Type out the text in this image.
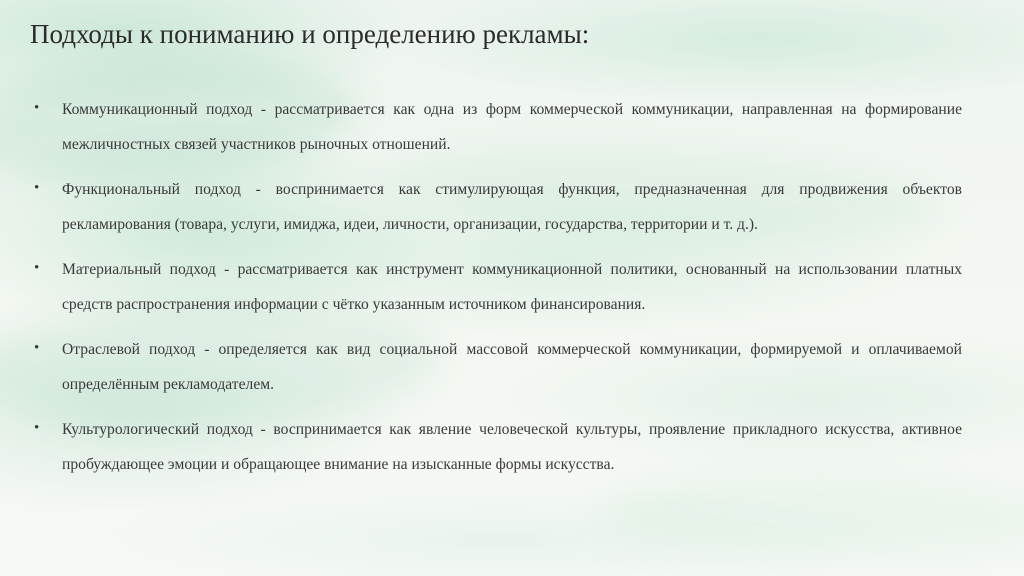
Подходы к пониманию и определению рекламы:
• Коммуникационный подход - рассматривается как одна из форм коммерческой коммуникации, направленная на формирование межличностных связей участников рыночных отношений.
• Функциональный подход - воспринимается как стимулирующая функция, предназначенная для продвижения объектов рекламирования (товара, услуги, имиджа, идеи, личности, организации, государства, территории и т. д.).
• Материальный подход - рассматривается как инструмент коммуникационной политики, основанный на использовании платных средств распространения информации с чётко указанным источником финансирования.
• Отраслевой подход - определяется как вид социальной массовой коммерческой коммуникации, формируемой и оплачиваемой определённым рекламодателем.
• Культурологический подход - воспринимается как явление человеческой культуры, проявление прикладного искусства, активное пробуждающее эмоции и обращающее внимание на изысканные формы искусства.
